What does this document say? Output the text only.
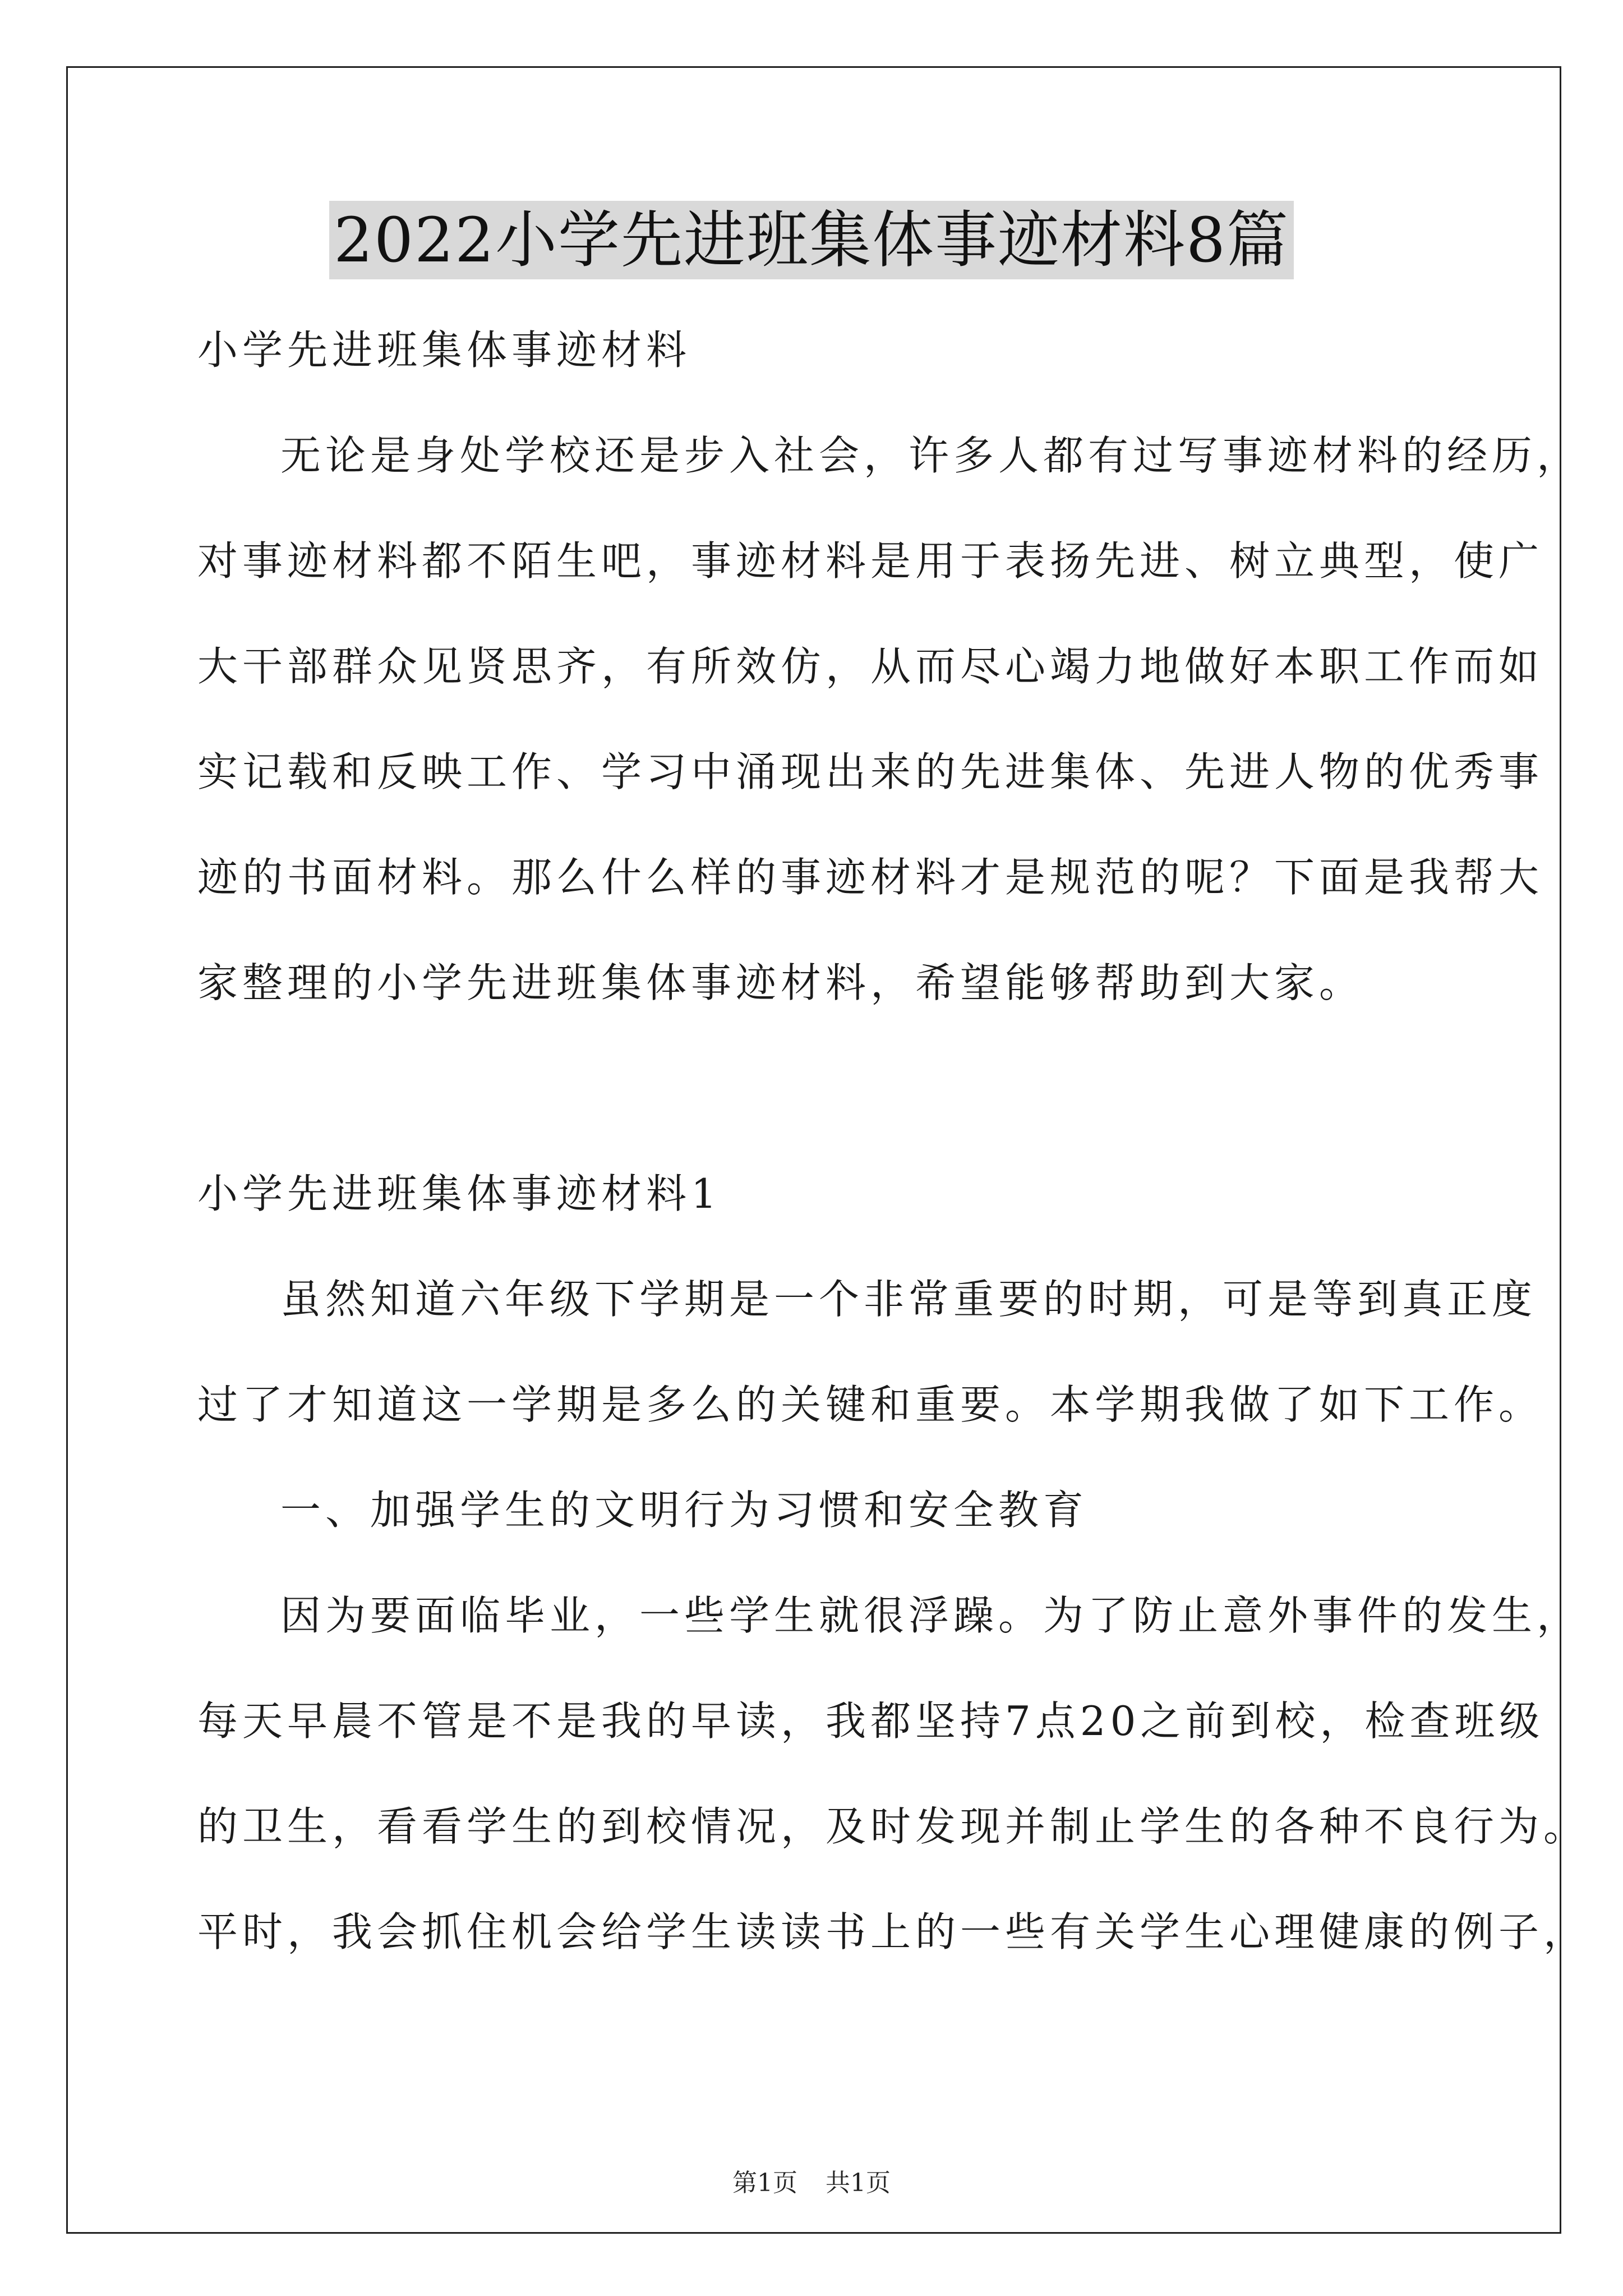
2022小学先进班集体事迹材料8篇
小学先进班集体事迹材料
无论是身处学校还是步入社会，许多人都有过写事迹材料的经历，
对事迹材料都不陌生吧，事迹材料是用于表扬先进、树立典型，使广
大干部群众见贤思齐，有所效仿，从而尽心竭力地做好本职工作而如
实记载和反映工作、学习中涌现出来的先进集体、先进人物的优秀事
迹的书面材料。那么什么样的事迹材料才是规范的呢？下面是我帮大
家整理的小学先进班集体事迹材料，希望能够帮助到大家。
小学先进班集体事迹材料1
虽然知道六年级下学期是一个非常重要的时期，可是等到真正度
过了才知道这一学期是多么的关键和重要。本学期我做了如下工作。
一、加强学生的文明行为习惯和安全教育
因为要面临毕业，一些学生就很浮躁。为了防止意外事件的发生，
每天早晨不管是不是我的早读，我都坚持7点20之前到校，检查班级
的卫生，看看学生的到校情况，及时发现并制止学生的各种不良行为。
平时，我会抓住机会给学生读读书上的一些有关学生心理健康的例子，
第1页 共1页
